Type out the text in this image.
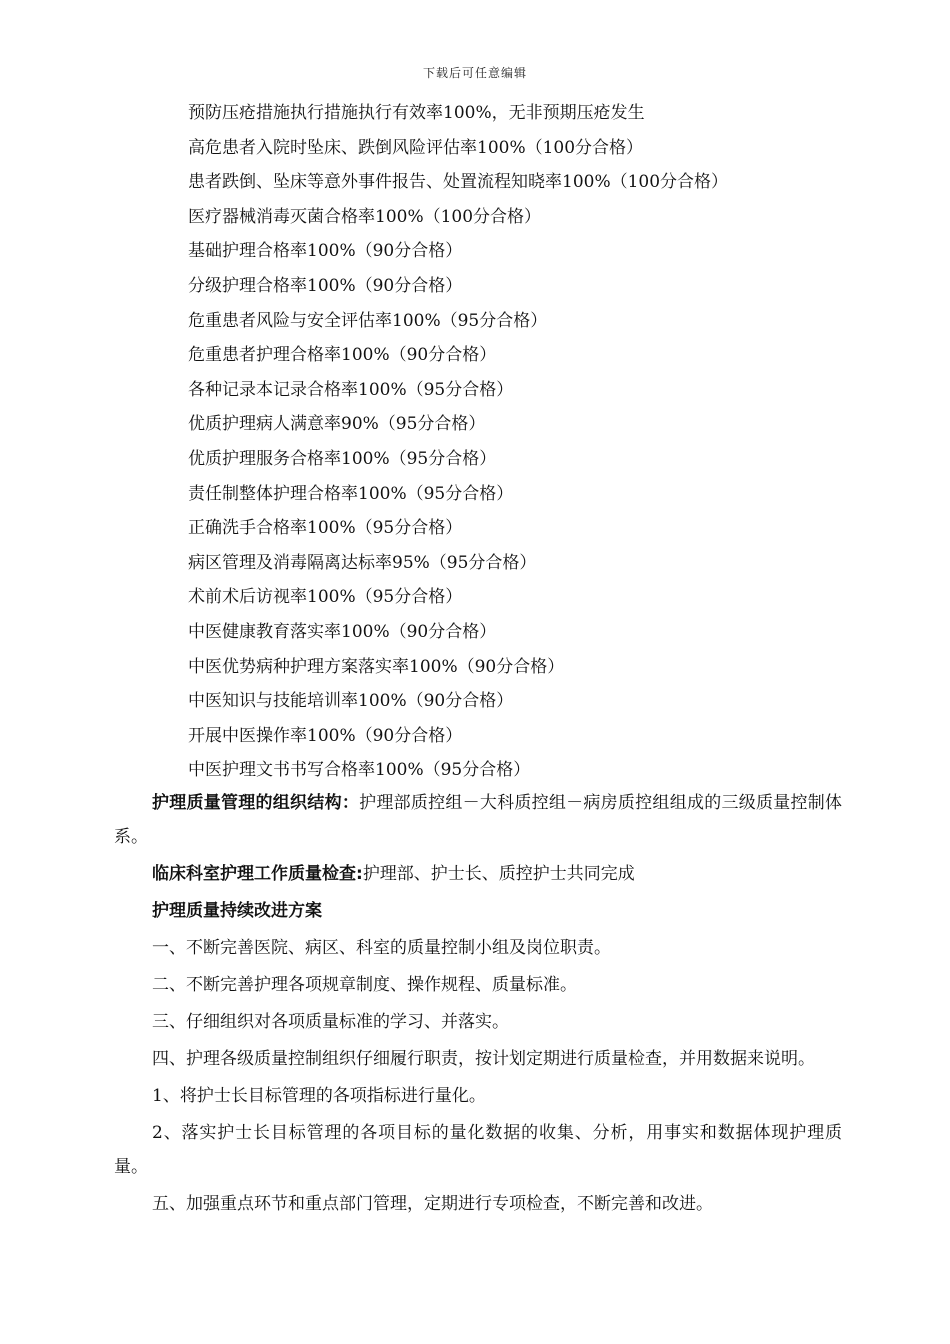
下载后可任意编辑
预防压疮措施执行措施执行有效率100%，无非预期压疮发生
高危患者入院时坠床、跌倒风险评估率100%（100分合格）
患者跌倒、坠床等意外事件报告、处置流程知晓率100%（100分合格）
医疗器械消毒灭菌合格率100%（100分合格）
基础护理合格率100%（90分合格）
分级护理合格率100%（90分合格）
危重患者风险与安全评估率100%（95分合格）
危重患者护理合格率100%（90分合格）
各种记录本记录合格率100%（95分合格）
优质护理病人满意率90%（95分合格）
优质护理服务合格率100%（95分合格）
责任制整体护理合格率100%（95分合格）
正确洗手合格率100%（95分合格）
病区管理及消毒隔离达标率95%（95分合格）
术前术后访视率100%（95分合格）
中医健康教育落实率100%（90分合格）
中医优势病种护理方案落实率100%（90分合格）
中医知识与技能培训率100%（90分合格）
开展中医操作率100%（90分合格）
中医护理文书书写合格率100%（95分合格）

护理质量管理的组织结构：护理部质控组－大科质控组－病房质控组组成的三级质量控制体系。

临床科室护理工作质量检查:护理部、护士长、质控护士共同完成

护理质量持续改进方案

一、不断完善医院、病区、科室的质量控制小组及岗位职责。

二、不断完善护理各项规章制度、操作规程、质量标准。

三、仔细组织对各项质量标准的学习、并落实。

四、护理各级质量控制组织仔细履行职责，按计划定期进行质量检查，并用数据来说明。

1、将护士长目标管理的各项指标进行量化。

2、落实护士长目标管理的各项目标的量化数据的收集、分析，用事实和数据体现护理质量。

五、加强重点环节和重点部门管理，定期进行专项检查，不断完善和改进。
